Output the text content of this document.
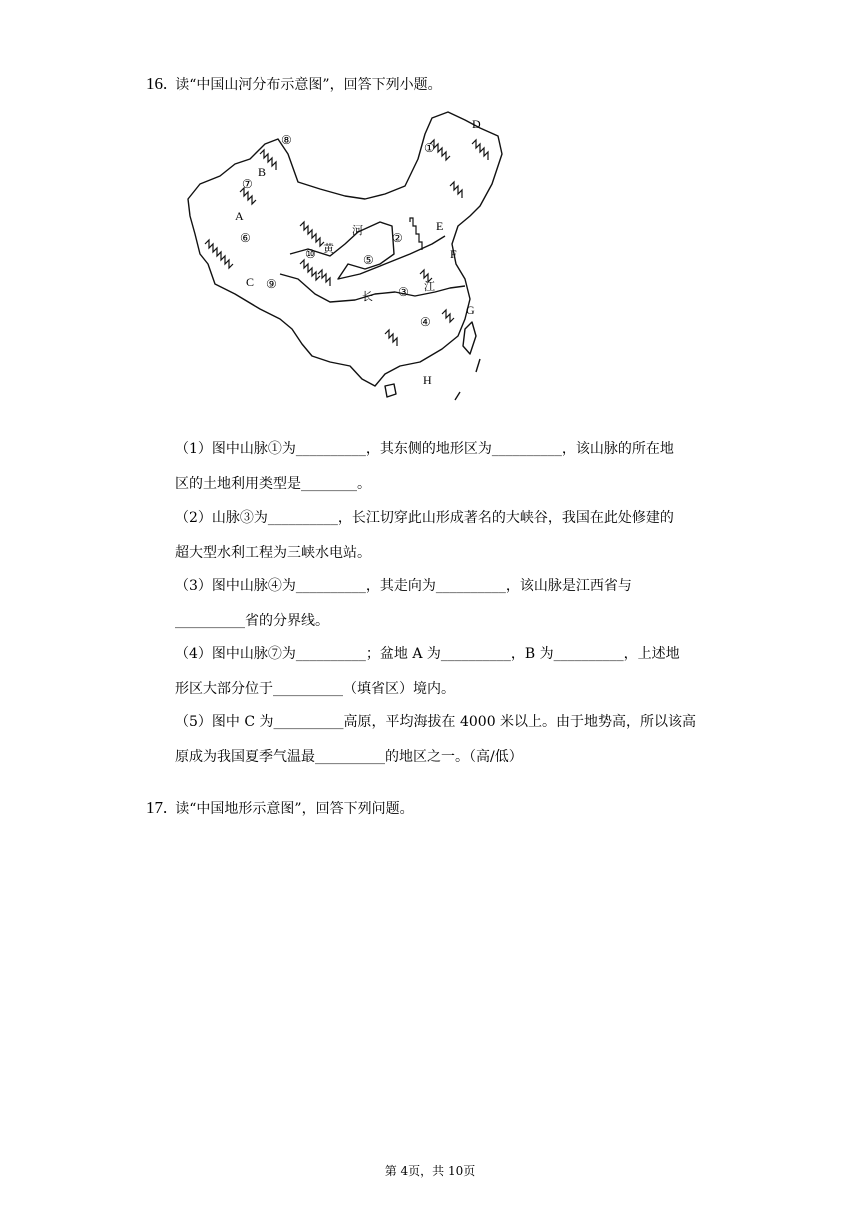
16. 读“中国山河分布示意图”，回答下列小题。
D
E
F
G
H
A
B
C
①
②
③
④
⑤
⑥
⑦
⑧
⑨
⑩
河
黄
长
江

（1）图中山脉①为__________，其东侧的地形区为__________，该山脉的所在地

区的土地利用类型是________。

（2）山脉③为__________，长江切穿此山形成著名的大峡谷，我国在此处修建的

超大型水利工程为三峡水电站。

（3）图中山脉④为__________，其走向为__________，该山脉是江西省与

__________省的分界线。

（4）图中山脉⑦为__________；盆地 A 为__________，B 为__________，上述地

形区大部分位于__________（填省区）境内。

（5）图中 C 为__________高原，平均海拔在 4000 米以上。由于地势高，所以该高

原成为我国夏季气温最__________的地区之一。（高/低）

17. 读“中国地形示意图”，回答下列问题。
第 4页，共 10页
